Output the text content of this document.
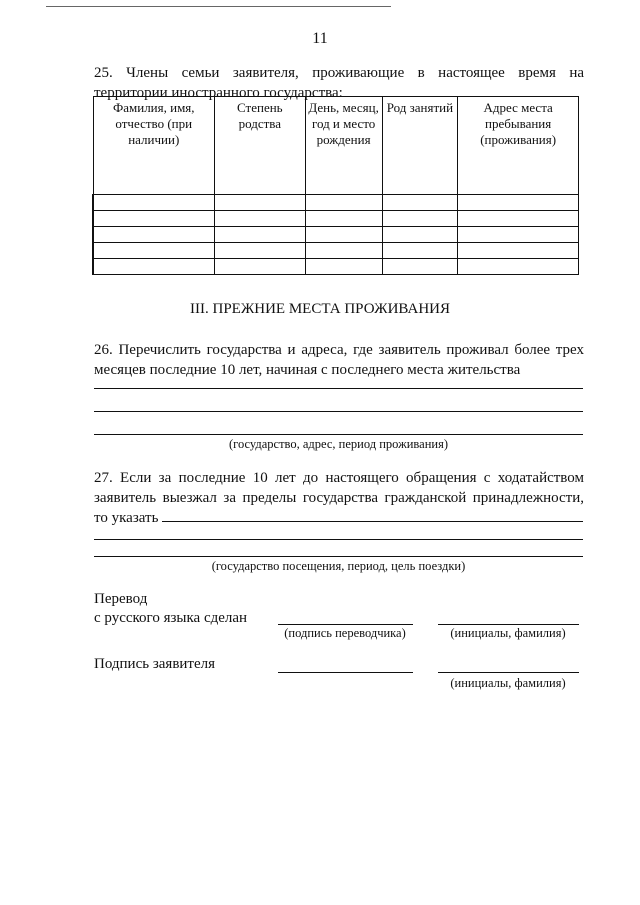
11
25. Члены семьи заявителя, проживающие в настоящее время на территории иностранного государства:
Фамилия, имя, отчество (при наличии)	Степень родства	День, месяц, год и место рождения	Род занятий	Адрес места пребывания (проживания)

III. ПРЕЖНИЕ МЕСТА ПРОЖИВАНИЯ
26. Перечислить государства и адреса, где заявитель проживал более трех месяцев последние 10 лет, начиная с последнего места жительства
(государство, адрес, период проживания)
27. Если за последние 10 лет до настоящего обращения с ходатайством заявитель выезжал за пределы государства гражданской принадлежности, то указать
(государство посещения, период, цель поездки)
Перевод
с русского языка сделан
(подпись переводчика)	(инициалы, фамилия)
Подпись заявителя
(инициалы, фамилия)
